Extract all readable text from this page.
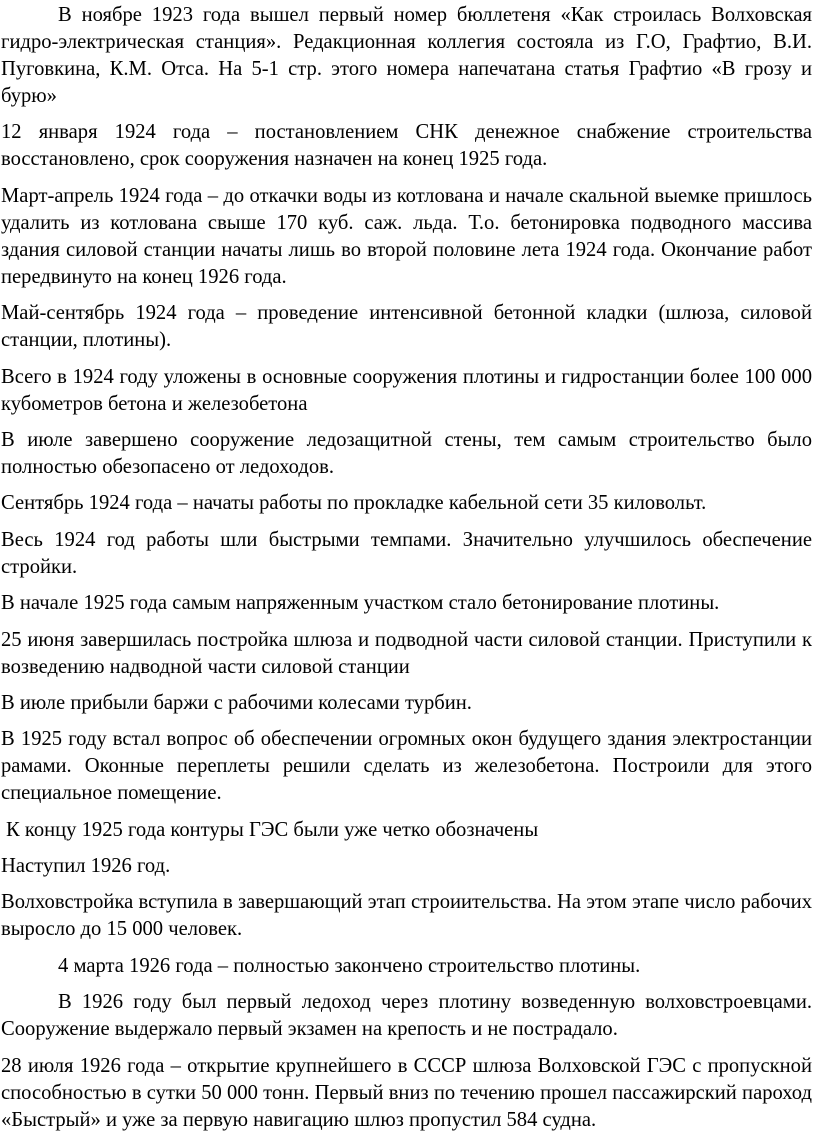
В ноябре 1923 года вышел первый номер бюллетеня «Как строилась Волховская гидро-электрическая станция». Редакционная коллегия состояла из Г.О, Графтио, В.И. Пуговкина, К.М. Отса. На 5-1 стр. этого номера напечатана статья Графтио «В грозу и бурю»

12 января 1924 года – постановлением СНК денежное снабжение строительства восстановлено, срок сооружения назначен на конец 1925 года.

Март-апрель 1924 года – до откачки воды из котлована и начале скальной выемке пришлось удалить из котлована свыше 170 куб. саж. льда. Т.о. бетонировка подводного массива здания силовой станции начаты лишь во второй половине лета 1924 года. Окончание работ передвинуто на конец 1926 года.

Май-сентябрь 1924 года – проведение интенсивной бетонной кладки (шлюза, силовой станции, плотины).

Всего в 1924 году уложены в основные сооружения плотины и гидростанции более 100 000 кубометров бетона и железобетона

В июле завершено сооружение ледозащитной стены, тем самым строительство было полностью обезопасено от ледоходов.

Сентябрь 1924 года – начаты работы по прокладке кабельной сети 35 киловольт.

Весь 1924 год работы шли быстрыми темпами. Значительно улучшилось обеспечение стройки.

В начале 1925 года самым напряженным участком стало бетонирование плотины.

25 июня завершилась постройка шлюза и подводной части силовой станции. Приступили к возведению надводной части силовой станции

В июле прибыли баржи с рабочими колесами турбин.

В 1925 году встал вопрос об обеспечении огромных окон будущего здания электростанции рамами. Оконные переплеты решили сделать из железобетона. Построили для этого специальное помещение.

К концу 1925 года контуры ГЭС были уже четко обозначены

Наступил 1926 год.

Волховстройка вступила в завершающий этап строиительства. На этом этапе число рабочих выросло до 15 000 человек.

4 марта 1926 года – полностью закончено строительство плотины.

В 1926 году был первый ледоход через плотину возведенную волховстроевцами. Сооружение выдержало первый экзамен на крепость и не пострадало.

28 июля 1926 года – открытие крупнейшего в СССР шлюза Волховской ГЭС с пропускной способностью в сутки 50 000 тонн. Первый вниз по течению прошел пассажирский пароход «Быстрый» и уже за первую навигацию шлюз пропустил 584 судна.
